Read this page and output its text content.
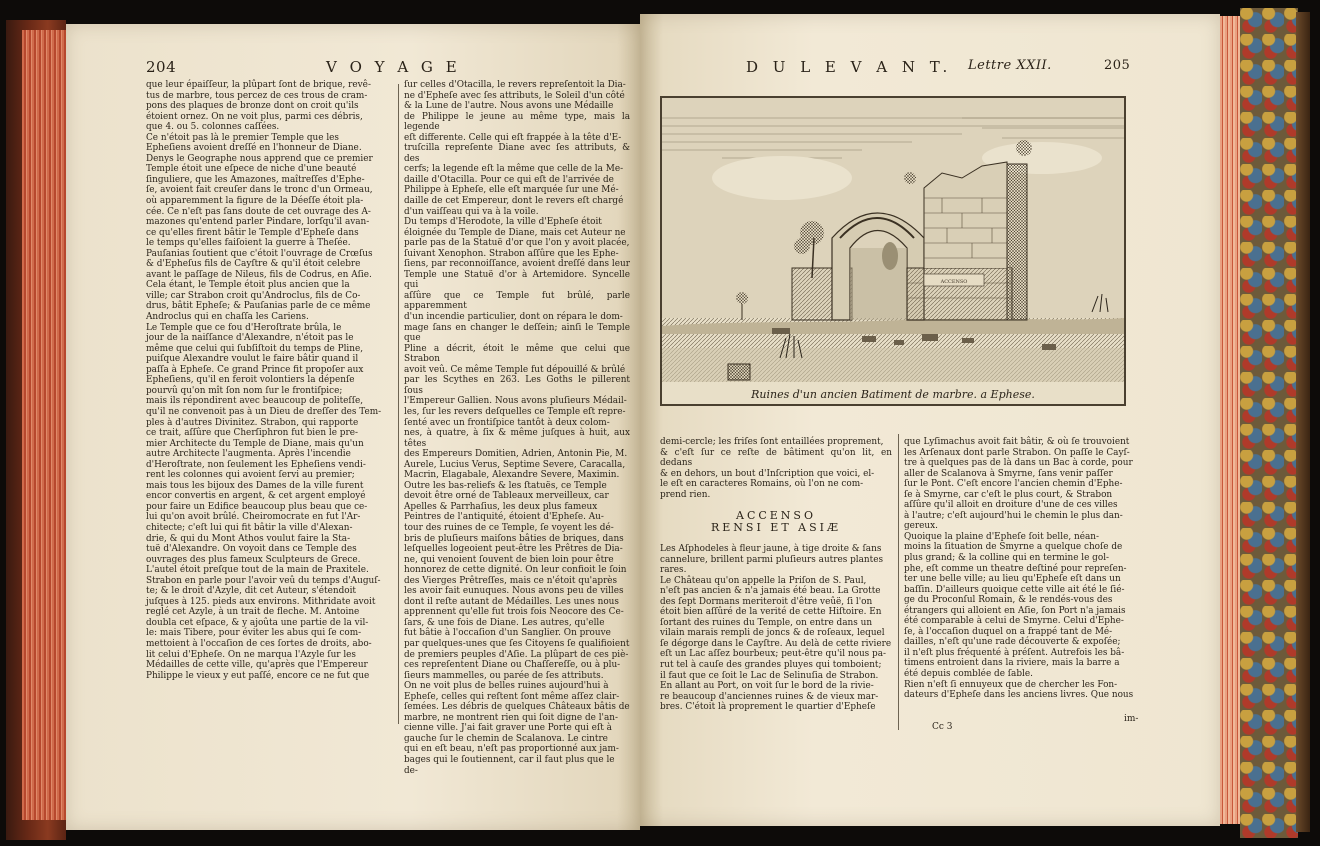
204	V O Y A G E

que leur épaiſſeur, la plûpart ſont de brique, revê-

tus de marbre, tous percez de ces trous de cram-

pons des plaques de bronze dont on croit qu'ils

étoient ornez. On ne voit plus, parmi ces débris,

que 4. ou 5. colonnes caſſées.

Ce n'étoit pas là le premier Temple que les

Epheſiens avoient dreſſé en l'honneur de Diane.

Denys le Geographe nous apprend que ce premier

Temple étoit une eſpece de niche d'une beauté

ſinguliere, que les Amazones, maîtreſſes d'Ephe-

ſe, avoient fait creuſer dans le tronc d'un Ormeau,

où apparemment la figure de la Déeſſe étoit pla-

cée. Ce n'eſt pas ſans doute de cet ouvrage des A-

mazones qu'entend parler Pindare, lorſqu'il avan-

ce qu'elles firent bâtir le Temple d'Epheſe dans

le temps qu'elles faiſoient la guerre à Theſée.

Pauſanias ſoutient que c'étoit l'ouvrage de Crœſus

& d'Epheſus fils de Cayſtre & qu'il étoit celebre

avant le paſſage de Nileus, fils de Codrus, en Aſie.

Cela étant, le Temple étoit plus ancien que la

ville; car Strabon croit qu'Androclus, fils de Co-

drus, bâtit Epheſe; & Pauſanias parle de ce même

Androclus qui en chaſſa les Cariens.

Le Temple que ce fou d'Heroſtrate brûla, le

jour de la naiſſance d'Alexandre, n'étoit pas le

même que celui qui ſubſiſtoit du temps de Pline,

puiſque Alexandre voulut le faire bâtir quand il

paſſa à Epheſe. Ce grand Prince fit propoſer aux

Epheſiens, qu'il en feroit volontiers la dépenſe

pourvû qu'on mît ſon nom ſur le frontiſpice;

mais ils répondirent avec beaucoup de politeſſe,

qu'il ne convenoit pas à un Dieu de dreſſer des Tem-

ples à d'autres Divinitez. Strabon, qui rapporte

ce trait, aſſûre que Cherſiphron fut bien le pre-

mier Architecte du Temple de Diane, mais qu'un

autre Architecte l'augmenta. Après l'incendie

d'Heroſtrate, non ſeulement les Epheſiens vendi-

rent les colonnes qui avoient ſervi au premier;

mais tous les bijoux des Dames de la ville furent

encor convertis en argent, & cet argent employé

pour faire un Edifice beaucoup plus beau que ce-

lui qu'on avoit brûlé. Cheiromocrate en fut l'Ar-

chitecte; c'eſt lui qui fit bâtir la ville d'Alexan-

drie, & qui du Mont Athos voulut faire la Sta-

tuë d'Alexandre. On voyoit dans ce Temple des

ouvrages des plus fameux Sculpteurs de Grece.

L'autel étoit preſque tout de la main de Praxitele.

Strabon en parle pour l'avoir veû du temps d'Auguſ-

te; & le droit d'Azyle, dit cet Auteur, s'étendoit

juſques à 125. pieds aux environs. Mithridate avoit

reglé cet Azyle, à un trait de fleche. M. Antoine

doubla cet eſpace, & y ajoûta une partie de la vil-

le: mais Tibere, pour éviter les abus qui ſe com-

mettoient à l'occaſion de ces ſortes de droits, abo-

lit celui d'Epheſe. On ne marqua l'Azyle ſur les

Médailles de cette ville, qu'après que l'Empereur

Philippe le vieux y eut paſſé, encore ce ne fut que

ſur celles d'Otacilla, le revers repreſentoit la Dia-

ne d'Epheſe avec ſes attributs, le Soleil d'un côté

& la Lune de l'autre. Nous avons une Médaille

de Philippe le jeune au même type, mais la legende

eſt differente. Celle qui eſt frappée à la tête d'E-

truſcilla repreſente Diane avec ſes attributs, & des

cerfs; la legende eſt la même que celle de la Me-

daille d'Otacilla. Pour ce qui eſt de l'arrivée de

Philippe à Epheſe, elle eſt marquée ſur une Mé-

daille de cet Empereur, dont le revers eſt chargé

d'un vaiſſeau qui va à la voile.

Du temps d'Herodote, la ville d'Epheſe étoit

éloignée du Temple de Diane, mais cet Auteur ne

parle pas de la Statuë d'or que l'on y avoit placée,

ſuivant Xenophon. Strabon aſſûre que les Ephe-

ſiens, par reconnoiſſance, avoient dreſſé dans leur

Temple une Statuë d'or à Artemidore. Syncelle qui

aſſûre que ce Temple fut brûlé, parle apparemment

d'un incendie particulier, dont on répara le dom-

mage ſans en changer le deſſein; ainſi le Temple que

Pline a décrit, étoit le même que celui que Strabon

avoit veû. Ce même Temple fut dépouillé & brûlé

par les Scythes en 263. Les Goths le pillerent ſous

l'Empereur Gallien. Nous avons pluſieurs Médail-

les, ſur les revers deſquelles ce Temple eſt repre-

ſenté avec un frontiſpice tantôt à deux colom-

nes, à quatre, à ſix & même juſques à huit, aux têtes

des Empereurs Domitien, Adrien, Antonin Pie, M.

Aurele, Lucius Verus, Septime Severe, Caracalla,

Macrin, Elagabale, Alexandre Severe, Maximin.

Outre les bas-reliefs & les ſtatuës, ce Temple

devoit être orné de Tableaux merveilleux, car

Apelles & Parrhaſius, les deux plus fameux

Peintres de l'antiquité, étoient d'Epheſe. Au-

tour des ruines de ce Temple, ſe voyent les dé-

bris de pluſieurs maiſons bâties de briques, dans

leſquelles logeoient peut-être les Prêtres de Dia-

ne, qui venoient ſouvent de bien loin pour être

honnorez de cette dignité. On leur confioit le ſoin

des Vierges Prêtreſſes, mais ce n'étoit qu'après

les avoir fait eunuques. Nous avons peu de villes

dont il reſte autant de Médailles. Les unes nous

apprennent qu'elle fut trois fois Neocore des Ce-

ſars, & une fois de Diane. Les autres, qu'elle

fut bâtie à l'occaſion d'un Sanglier. On prouve

par quelques-unes que ſes Citoyens ſe qualifioient

de premiers peuples d'Aſie. La plûpart de ces piè-

ces repreſentent Diane ou Chaſſereſſe, ou à plu-

ſieurs mammelles, ou parée de ſes attributs.

On ne voit plus de belles ruines aujourd'hui à

Epheſe, celles qui reſtent ſont même aſſez clair-

ſemées. Les débris de quelques Châteaux bâtis de

marbre, ne montrent rien qui ſoit digne de l'an-

cienne ville. J'ai fait graver une Porte qui eſt à

gauche ſur le chemin de Scalanova. Le cintre

qui en eſt beau, n'eſt pas proportionné aux jam-

bages qui le ſoutiennent, car il faut plus que le

de-

D U L E V A N T. Lettre XXII.	205
ACCENSO
Ruines d'un ancien Batiment de marbre. a Ephese.

demi-cercle; les friſes ſont entaillées proprement,

& c'eſt ſur ce reſte de bâtiment qu'on lit, en dedans

& en dehors, un bout d'Inſcription que voici, el-

le eſt en caracteres Romains, où l'on ne com-

prend rien.

ACCENSO
RENSI ET ASIÆ

Les Aſphodeles à fleur jaune, à tige droite & ſans

cannelure, brillent parmi pluſieurs autres plantes

rares.

Le Château qu'on appelle la Priſon de S. Paul,

n'eſt pas ancien & n'a jamais été beau. La Grotte

des ſept Dormans meriteroit d'être veûë, ſi l'on

étoit bien aſſûré de la verité de cette Hiſtoire. En

ſortant des ruines du Temple, on entre dans un

vilain marais rempli de joncs & de roſeaux, lequel

ſe dégorge dans le Cayſtre. Au delà de cette riviere

eſt un Lac aſſez bourbeux; peut-être qu'il nous pa-

rut tel à cauſe des grandes pluyes qui tomboient;

il faut que ce ſoit le Lac de Selinuſia de Strabon.

En allant au Port, on voit ſur le bord de la rivie-

re beaucoup d'anciennes ruines & de vieux mar-

bres. C'étoit là proprement le quartier d'Epheſe

que Lyſimachus avoit fait bâtir, & où ſe trouvoient

les Arſenaux dont parle Strabon. On paſſe le Cayſ-

tre à quelques pas de là dans un Bac à corde, pour

aller de Scalanova à Smyrne, ſans venir paſſer

ſur le Pont. C'eſt encore l'ancien chemin d'Ephe-

ſe à Smyrne, car c'eſt le plus court, & Strabon

aſſûre qu'il alloit en droiture d'une de ces villes

à l'autre; c'eſt aujourd'hui le chemin le plus dan-

gereux.

Quoique la plaine d'Epheſe ſoit belle, néan-

moins la ſituation de Smyrne a quelque choſe de

plus grand; & la colline qui en termine le gol-

phe, eſt comme un theatre deſtiné pour repreſen-

ter une belle ville; au lieu qu'Epheſe eſt dans un

baſſin. D'ailleurs quoique cette ville ait été le ſié-

ge du Proconſul Romain, & le rendés-vous des

étrangers qui alloient en Aſie, ſon Port n'a jamais

été comparable à celui de Smyrne. Celui d'Ephe-

ſe, à l'occaſion duquel on a frappé tant de Mé-

dailles, n'eſt qu'une rade découverte & expoſée;

il n'eſt plus fréquenté à préſent. Autrefois les bâ-

timens entroient dans la riviere, mais la barre a

été depuis comblée de ſable.

Rien n'eſt ſi ennuyeux que de chercher les Fon-

dateurs d'Epheſe dans les anciens livres. Que nous

im-
Cc 3
